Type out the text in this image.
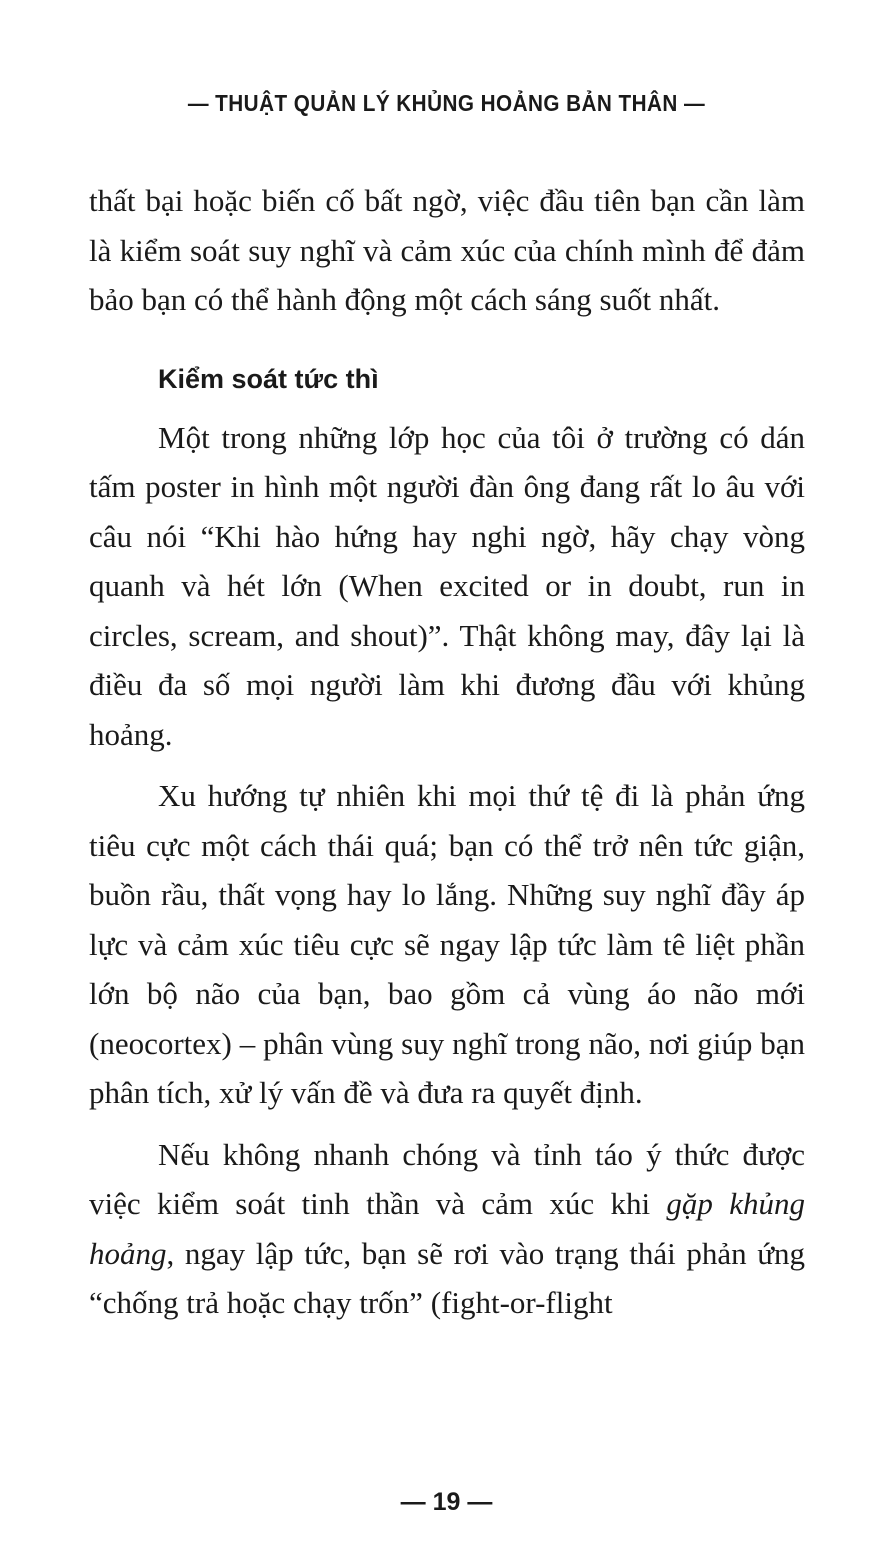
— THUẬT QUẢN LÝ KHỦNG HOẢNG BẢN THÂN —

thất bại hoặc biến cố bất ngờ, việc đầu tiên bạn cần làm là kiểm soát suy nghĩ và cảm xúc của chính mình để đảm bảo bạn có thể hành động một cách sáng suốt nhất.

Kiểm soát tức thì

Một trong những lớp học của tôi ở trường có dán tấm poster in hình một người đàn ông đang rất lo âu với câu nói “Khi hào hứng hay nghi ngờ, hãy chạy vòng quanh và hét lớn (When excited or in doubt, run in circles, scream, and shout)”. Thật không may, đây lại là điều đa số mọi người làm khi đương đầu với khủng hoảng.

Xu hướng tự nhiên khi mọi thứ tệ đi là phản ứng tiêu cực một cách thái quá; bạn có thể trở nên tức giận, buồn rầu, thất vọng hay lo lắng. Những suy nghĩ đầy áp lực và cảm xúc tiêu cực sẽ ngay lập tức làm tê liệt phần lớn bộ não của bạn, bao gồm cả vùng áo não mới (neocortex) – phân vùng suy nghĩ trong não, nơi giúp bạn phân tích, xử lý vấn đề và đưa ra quyết định.

Nếu không nhanh chóng và tỉnh táo ý thức được việc kiểm soát tinh thần và cảm xúc khi gặp khủng hoảng, ngay lập tức, bạn sẽ rơi vào trạng thái phản ứng “chống trả hoặc chạy trốn” (fight-or-flight

— 19 —
